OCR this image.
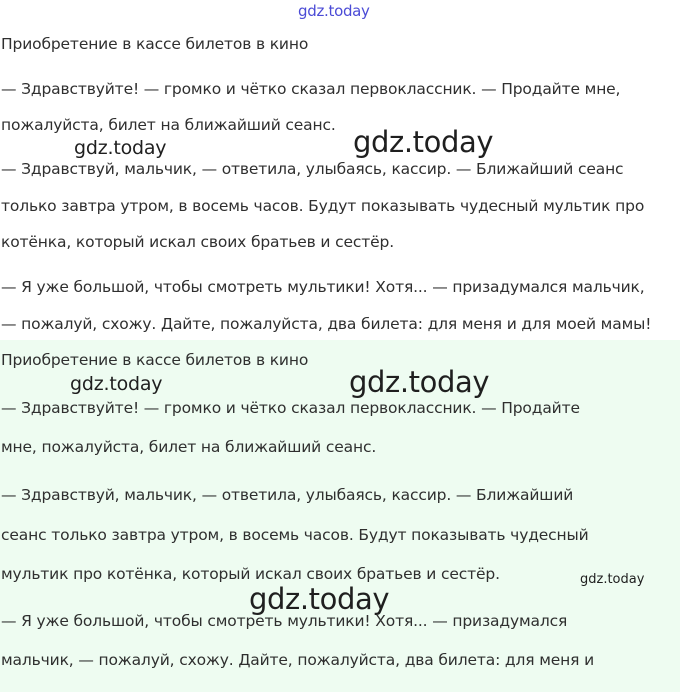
Приобретение в кассе билетов в кино
— Здравствуйте! — громко и чётко сказал первоклассник. — Продайте мне,
пожалуйста, билет на ближайший сеанс.
— Здравствуй, мальчик, — ответила, улыбаясь, кассир. — Ближайший сеанс
только завтра утром, в восемь часов. Будут показывать чудесный мультик про
котёнка, который искал своих братьев и сестёр.
— Я уже большой, чтобы смотреть мультики! Хотя... — призадумался мальчик,
— пожалуй, схожу. Дайте, пожалуйста, два билета: для меня и для моей мамы!
Приобретение в кассе билетов в кино
— Здравствуйте! — громко и чётко сказал первоклассник. — Продайте
мне, пожалуйста, билет на ближайший сеанс.
— Здравствуй, мальчик, — ответила, улыбаясь, кассир. — Ближайший
сеанс только завтра утром, в восемь часов. Будут показывать чудесный
мультик про котёнка, который искал своих братьев и сестёр.
— Я уже большой, чтобы смотреть мультики! Хотя... — призадумался
мальчик, — пожалуй, схожу. Дайте, пожалуйста, два билета: для меня и
gdz.today
gdz.today
gdz.today
gdz.today	gdz.today
gdz.today
gdz.today
